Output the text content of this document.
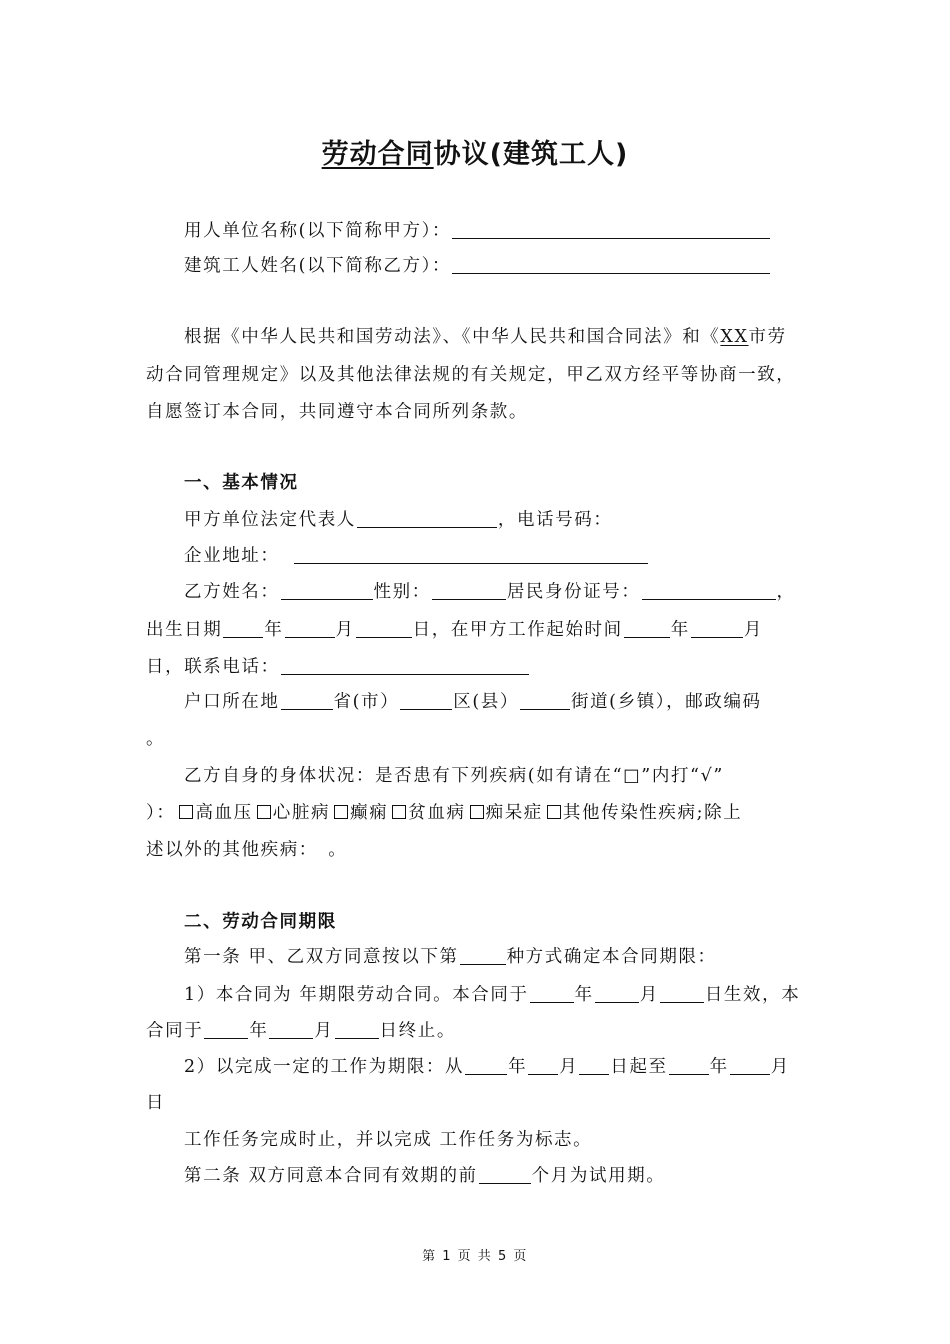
劳动合同协议(建筑工人)
用人单位名称(以下简称甲方）：
建筑工人姓名(以下简称乙方）：
根据《中华人民共和国劳动法》、《中华人民共和国合同法》和《XX市劳
动合同管理规定》以及其他法律法规的有关规定，甲乙双方经平等协商一致，
自愿签订本合同，共同遵守本合同所列条款。
一、基本情况
甲方单位法定代表人	，电话号码：
企业地址：
乙方姓名：	性别：	居民身份证号：	，
出生日期 年	月	日，在甲方工作起始时间	年	月
日，联系电话：
户口所在地	省(市）	区(县）	街道(乡镇），邮政编码
。
乙方自身的身体状况：是否患有下列疾病(如有请在“□”内打“√”
）： 高血压 心脏病 癫痫 贫血病 痴呆症 其他传染性疾病;除上
述以外的其他疾病：　。
二、劳动合同期限
第一条 甲、乙双方同意按以下第	种方式确定本合同期限：
1）本合同为 年期限劳动合同。本合同于	年	月	日生效，本
合同于	年	月	日终止。
2）以完成一定的工作为期限：从	年 月 日起至 年 月
日
工作任务完成时止，并以完成 工作任务为标志。
第二条 双方同意本合同有效期的前	个月为试用期。
第 1 页 共 5 页
